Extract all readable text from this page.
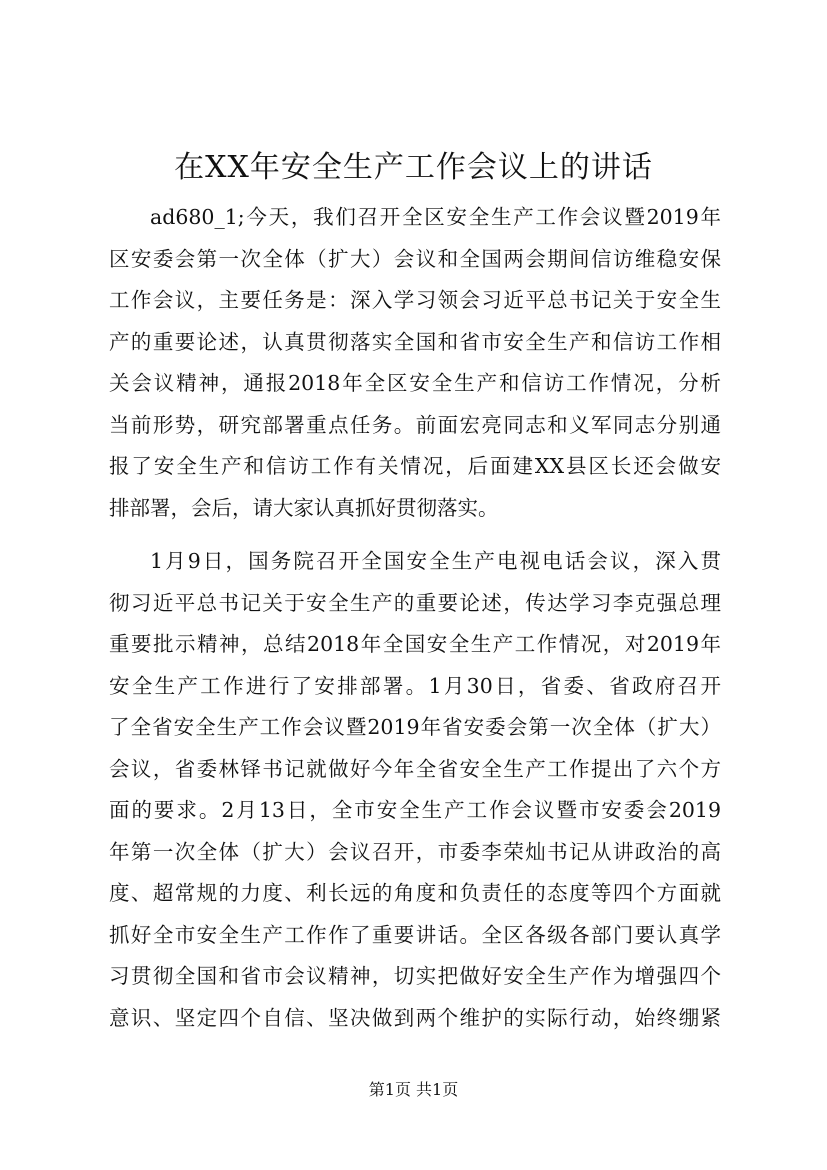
在XX年安全生产工作会议上的讲话
ad680_1;今天，我们召开全区安全生产工作会议暨2019年
区安委会第一次全体（扩大）会议和全国两会期间信访维稳安保
工作会议，主要任务是：深入学习领会习近平总书记关于安全生
产的重要论述，认真贯彻落实全国和省市安全生产和信访工作相
关会议精神，通报2018年全区安全生产和信访工作情况，分析
当前形势，研究部署重点任务。前面宏亮同志和义军同志分别通
报了安全生产和信访工作有关情况，后面建XX县区长还会做安
排部署，会后，请大家认真抓好贯彻落实。
1月9日，国务院召开全国安全生产电视电话会议，深入贯
彻习近平总书记关于安全生产的重要论述，传达学习李克强总理
重要批示精神，总结2018年全国安全生产工作情况，对2019年
安全生产工作进行了安排部署。1月30日，省委、省政府召开
了全省安全生产工作会议暨2019年省安委会第一次全体（扩大）
会议，省委林铎书记就做好今年全省安全生产工作提出了六个方
面的要求。2月13日，全市安全生产工作会议暨市安委会2019
年第一次全体（扩大）会议召开，市委李荣灿书记从讲政治的高
度、超常规的力度、利长远的角度和负责任的态度等四个方面就
抓好全市安全生产工作作了重要讲话。全区各级各部门要认真学
习贯彻全国和省市会议精神，切实把做好安全生产作为增强四个
意识、坚定四个自信、坚决做到两个维护的实际行动，始终绷紧
第1页 共1页
